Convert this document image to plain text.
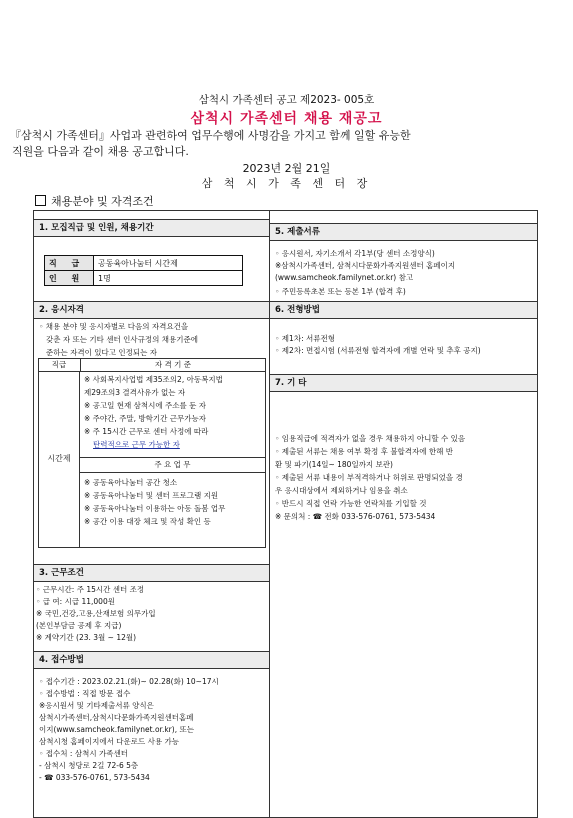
삼척시 가족센터 공고 제2023- 005호
삼척시 가족센터 채용 재공고
『삼척시 가족센터』사업과 관련하여 업무수행에 사명감을 가지고 함께 일할 유능한
직원을 다음과 같이 채용 공고합니다.
2023년 2월 21일
삼 척 시 가 족 센 터 장
채용분야 및 자격조건
1. 모집직급 및 인원, 채용기간
직 급	공동육아나눔터 시간제
인 원	1명
2. 응시자격
◦ 채용 분야 및 응시자별로 다음의 자격요건을
갖춘 자 또는 기타 센터 인사규정의 채용기준에
준하는 자격이 있다고 인정되는 자
직급	자 격 기 준
시간제
※ 사회복지사업법 제35조의2, 아동복지법
제29조의3 결격사유가 없는 자
※ 공고일 현재 삼척시에 주소를 둔 자
※ 주야간, 주말, 방학기간 근무가능자
※ 주 15시간 근무로 센터 사정에 따라
탄력적으로 근무 가능한 자
주 요 업 무
※ 공동육아나눔터 공간 청소
※ 공동육아나눔터 및 센터 프로그램 지원
※ 공동육아나눔터 이용하는 아동 돌봄 업무
※ 공간 이용 대장 체크 및 작성 확인 등
3. 근무조건
◦ 근무시간: 주 15시간 센터 조정
◦ 급 여: 시급 11,000원
※ 국민,건강,고용,산재보험 의무가입
(본인부담금 공제 후 지급)
※ 계약기간 (23. 3월 ~ 12월)
4. 접수방법
◦ 접수기간 : 2023.02.21.(화)~ 02.28(화) 10~17시
◦ 접수방법 : 직접 방문 접수
※응시원서 및 기타제출서류 양식은
삼척시가족센터,삼척시다문화가족지원센터홈페
이지(www.samcheok.familynet.or.kr), 또는
삼척시청 홈페이지에서 다운로드 사용 가능
◦ 접수처 : 삼척시 가족센터
- 삼척시 청당로 2길 72-6 5층
- ☎ 033-576-0761, 573-5434
5. 제출서류
◦ 응시원서, 자기소개서 각1부(당 센터 소정양식)
※삼척시가족센터, 삼척시다문화가족지원센터 홈페이지
(www.samcheok.familynet.or.kr) 참고
◦ 주민등록초본 또는 등본 1부 (합격 후)
6. 전형방법
◦ 제1차: 서류전형
◦ 제2차: 면접시험 (서류전형 합격자에 개별 연락 및 추후 공지)
7. 기 타
◦ 임용직급에 적격자가 없을 경우 채용하지 아니할 수 있음
◦ 제출된 서류는 채용 여부 확정 후 불합격자에 한해 반
환 및 파기(14일~ 180일까지 보관)
◦ 제출된 서류 내용이 부적격하거나 허위로 판명되었을 경
우 응시대상에서 제외하거나 임용을 취소
◦ 반드시 직접 연락 가능한 연락처를 기입할 것
※ 문의처 : ☎ 전화 033-576-0761, 573-5434
